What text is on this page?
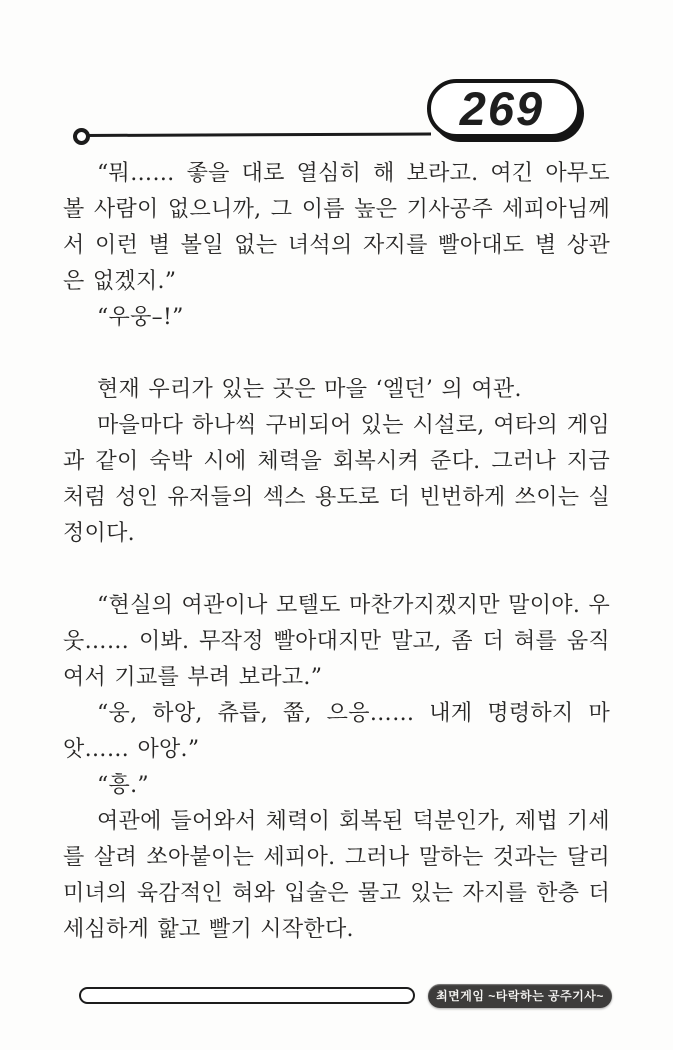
269

“뭐…… 좋을 대로 열심히 해 보라고. 여긴 아무도 볼 사람이 없으니까, 그 이름 높은 기사공주 세피아님께서 이런 별 볼일 없는 녀석의 자지를 빨아대도 별 상관은 없겠지.”

“우웅–!”

현재 우리가 있는 곳은 마을 ‘엘던’ 의 여관.

마을마다 하나씩 구비되어 있는 시설로, 여타의 게임과 같이 숙박 시에 체력을 회복시켜 준다. 그러나 지금처럼 성인 유저들의 섹스 용도로 더 빈번하게 쓰이는 실정이다.

“현실의 여관이나 모텔도 마찬가지겠지만 말이야. 우웃…… 이봐. 무작정 빨아대지만 말고, 좀 더 혀를 움직여서 기교를 부려 보라고.”

“웅, 하앙, 츄릅, 쭙, 으응…… 내게 명령하지 마앗…… 아앙.”

“흥.”

여관에 들어와서 체력이 회복된 덕분인가, 제법 기세를 살려 쏘아붙이는 세피아. 그러나 말하는 것과는 달리 미녀의 육감적인 혀와 입술은 물고 있는 자지를 한층 더 세심하게 핥고 빨기 시작한다.

최면게임 ~타락하는 공주기사~
